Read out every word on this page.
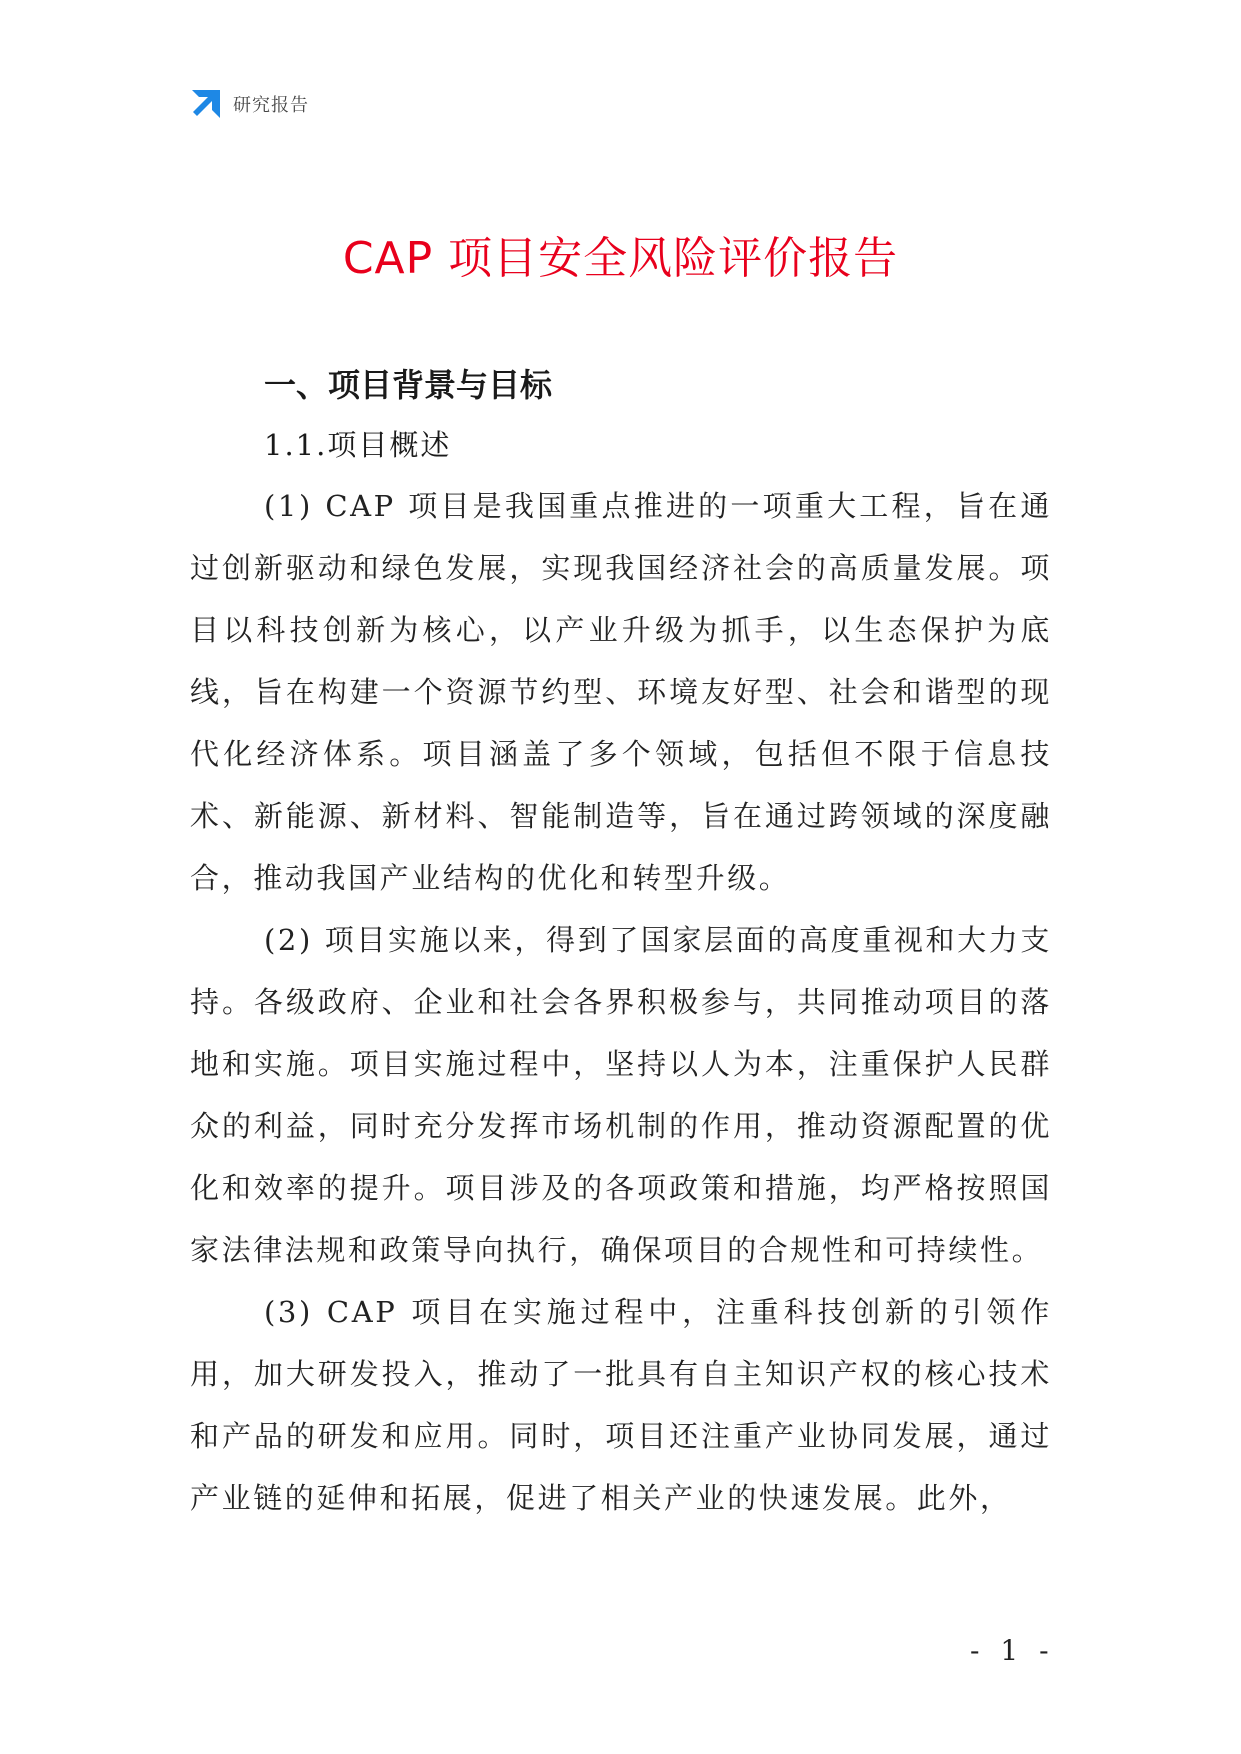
研究报告
CAP 项目安全风险评价报告
一、项目背景与目标
1.1.项目概述

(1) CAP 项目是我国重点推进的一项重大工程，旨在通过创新驱动和绿色发展，实现我国经济社会的高质量发展。项目以科技创新为核心，以产业升级为抓手，以生态保护为底线，旨在构建一个资源节约型、环境友好型、社会和谐型的现代化经济体系。项目涵盖了多个领域，包括但不限于信息技术、新能源、新材料、智能制造等，旨在通过跨领域的深度融合，推动我国产业结构的优化和转型升级。

(2) 项目实施以来，得到了国家层面的高度重视和大力支持。各级政府、企业和社会各界积极参与，共同推动项目的落地和实施。项目实施过程中，坚持以人为本，注重保护人民群众的利益，同时充分发挥市场机制的作用，推动资源配置的优化和效率的提升。项目涉及的各项政策和措施，均严格按照国家法律法规和政策导向执行，确保项目的合规性和可持续性。

(3) CAP 项目在实施过程中，注重科技创新的引领作用，加大研发投入，推动了一批具有自主知识产权的核心技术和产品的研发和应用。同时，项目还注重产业协同发展，通过产业链的延伸和拓展，促进了相关产业的快速发展。此外，

- 1 -
